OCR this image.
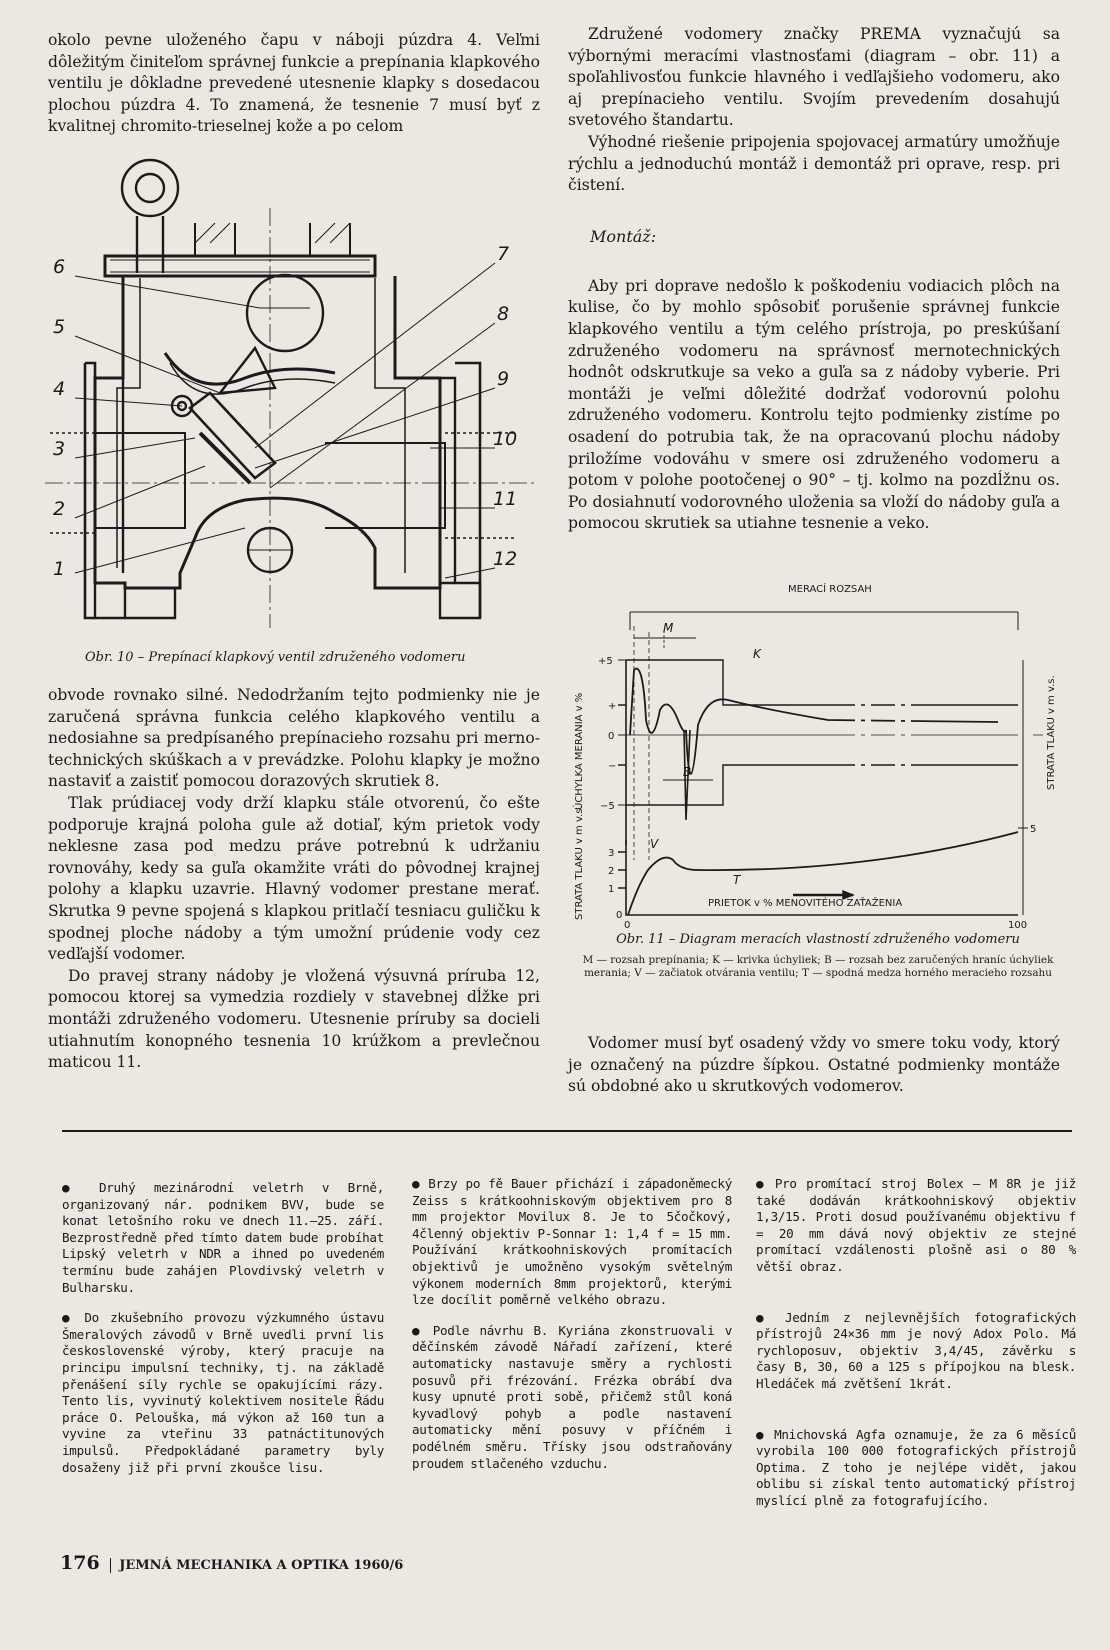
okolo pevne uloženého čapu v náboji púzdra 4. Veľmi dôležitým činiteľom správnej funkcie a prepínania klapkového ventilu je dôkladne prevedené utesnenie klapky s dosedacou plochou púzdra 4. To znamená, že tesnenie 7 musí byť z kvalitnej chromito-trieselnej kože a po celom

6
5
4
3
2
1
7
8
9
10
11
12

Obr. 10 – Prepínací klapkový ventil združeného vodomeru

obvode rovnako silné. Nedodržaním tejto podmienky nie je zaručená správna funkcia celého klapkového ventilu a nedosiahne sa predpísaného prepínacieho rozsahu pri merno-technických skúškach a v prevádzke. Polohu klapky je možno nastaviť a zaistiť pomocou dorazových skrutiek 8.

Tlak prúdiacej vody drží klapku stále otvorenú, čo ešte podporuje krajná poloha gule až dotiaľ, kým prietok vody neklesne zasa pod medzu práve potrebnú k udržaniu rovnováhy, kedy sa guľa okamžite vráti do pôvodnej krajnej polohy a klapku uzavrie. Hlavný vodomer prestane merať. Skrutka 9 pevne spojená s klapkou pritlačí tesniacu guličku k spodnej ploche nádoby a tým umožní prúdenie vody cez vedľajší vodomer.

Do pravej strany nádoby je vložená výsuvná príruba 12, pomocou ktorej sa vymedzia rozdiely v stavebnej dĺžke pri montáži združeného vodomeru. Utesnenie príruby sa docieli utiahnutím konopného tesnenia 10 krúžkom a prevlečnou maticou 11.

Združené vodomery značky PREMA vyznačujú sa výbornými meracími vlastnosťami (diagram – obr. 11) a spoľahlivosťou funkcie hlavného i vedľajšieho vodomeru, ako aj prepínacieho ventilu. Svojím prevedením dosahujú svetového štandartu.

Výhodné riešenie pripojenia spojovacej armatúry umožňuje rýchlu a jednoduchú montáž i demontáž pri oprave, resp. pri čistení.

Montáž:

Aby pri doprave nedošlo k poškodeniu vodiacich plôch na kulise, čo by mohlo spôsobiť porušenie správnej funkcie klapkového ventilu a tým celého prístroja, po preskúšaní združeného vodomeru na správnosť mernotechnických hodnôt odskrutkuje sa veko a guľa sa z nádoby vyberie. Pri montáži je veľmi dôležité dodržať vodorovnú polohu združeného vodomeru. Kontrolu tejto podmienky zistíme po osadení do potrubia tak, že na opracovanú plochu nádoby priložíme vodováhu v smere osi združeného vodomeru a potom v polohe pootočenej o 90° – tj. kolmo na pozdĺžnu os. Po dosiahnutí vodorovného uloženia sa vloží do nádoby guľa a pomocou skrutiek sa utiahne tesnenie a veko.

MERACÍ ROZSAH
M
K
B
V
T
+5
+
0
−
−5
3
2
1
0
5
0	100
PRIETOK v % MENOVITÉHO ZAŤAŽENIA
ÚCHYLKA MERANIA v %
STRATA TLAKU v m v.s.
STRATA TLAKU v m v.s.

Obr. 11 – Diagram meracích vlastností združeného vodomeru

M — rozsah prepínania; K — krivka úchyliek; B — rozsah bez zaručených hraníc úchyliek merania; V — začiatok otvárania ventilu; T — spodná medza horného meracieho rozsahu

Vodomer musí byť osadený vždy vo smere toku vody, ktorý je označený na púzdre šípkou. Ostatné podmienky montáže sú obdobné ako u skrutkových vodomerov.

● Druhý mezinárodní veletrh v Brně, organizovaný nár. podnikem BVV, bude se konat letošního roku ve dnech 11.—25. září. Bezprostředně před tímto datem bude probíhat Lipský veletrh v NDR a ihned po uvedeném termínu bude zahájen Plovdivský veletrh v Bulharsku.

● Do zkušebního provozu výzkumného ústavu Šmeralových závodů v Brně uvedli první lis československé výroby, který pracuje na principu impulsní techniky, tj. na základě přenášení síly rychle se opakujícími rázy. Tento lis, vyvinutý kolektivem nositele Řádu práce O. Pelouška, má výkon až 160 tun a vyvine za vteřinu 33 patnáctitunových impulsů. Předpokládané parametry byly dosaženy již při první zkoušce lisu.

● Brzy po fě Bauer přichází i západoněmecký Zeiss s krátkoohniskovým objektivem pro 8 mm projektor Movilux 8. Je to 5čočkový, 4členný objektiv P-Sonnar 1: 1,4 f = 15 mm. Používání krátkoohniskových promítacích objektivů je umožněno vysokým světelným výkonem moderních 8mm projektorů, kterými lze docílit poměrně velkého obrazu.

● Podle návrhu B. Kyriána zkonstruovali v děčínském závodě Nářadí zařízení, které automaticky nastavuje směry a rychlosti posuvů při frézování. Frézka obrábí dva kusy upnuté proti sobě, přičemž stůl koná kyvadlový pohyb a podle nastavení automaticky mění posuvy v příčném i podélném směru. Třísky jsou odstraňovány proudem stlačeného vzduchu.

● Pro promítací stroj Bolex – M 8R je již také dodáván krátkoohniskový objektiv 1,3/15. Proti dosud používanému objektivu f = 20 mm dává nový objektiv ze stejné promítací vzdálenosti plošně asi o 80 % větší obraz.

● Jedním z nejlevnějších fotografických přístrojů 24×36 mm je nový Adox Polo. Má rychloposuv, objektiv 3,4/45, závěrku s časy B, 30, 60 a 125 s přípojkou na blesk. Hledáček má zvětšení 1krát.

● Mnichovská Agfa oznamuje, že za 6 měsíců vyrobila 100 000 fotografických přístrojů Optima. Z toho je nejlépe vidět, jakou oblibu si získal tento automatický přístroj myslící plně za fotografujícího.

176 JEMNÁ MECHANIKA A OPTIKA 1960/6
